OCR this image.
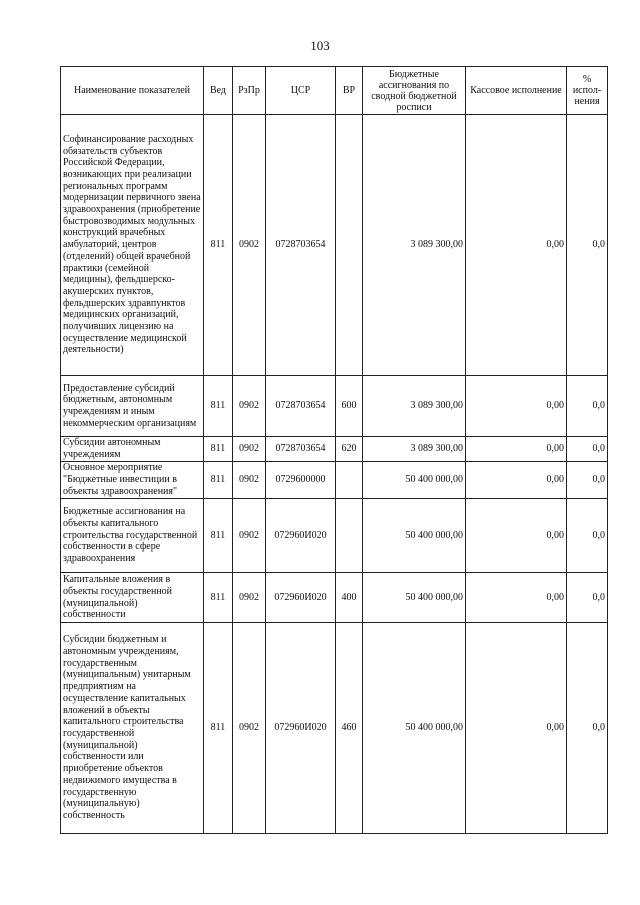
103
Наименование показателей	Вед	РзПр	ЦСР	ВР	Бюджетные ассигнования по сводной бюджетной росписи	Кассовое исполнение	% испол-нения
Софинансирование расходных обязательств субъектов Российской Федерации, возникающих при реализации региональных программ модернизации первичного звена здравоохранения (приобретение быстровозводимых модульных конструкций врачебных амбулаторий, центров (отделений) общей врачебной практики (семейной медицины), фельдшерско-акушерских пунктов, фельдшерских здравпунктов медицинских организаций, получивших лицензию на осуществление медицинской деятельности)	811	0902	0728703654		3 089 300,00	0,00	0,0
Предоставление субсидий бюджетным, автономным учреждениям и иным некоммерческим организациям	811	0902	0728703654	600	3 089 300,00	0,00	0,0
Субсидии автономным учреждениям	811	0902	0728703654	620	3 089 300,00	0,00	0,0
Основное мероприятие "Бюджетные инвестиции в объекты здравоохранения"	811	0902	0729600000		50 400 000,00	0,00	0,0
Бюджетные ассигнования на объекты капитального строительства государственной собственности в сфере здравоохранения	811	0902	072960И020		50 400 000,00	0,00	0,0
Капитальные вложения в объекты государственной (муниципальной) собственности	811	0902	072960И020	400	50 400 000,00	0,00	0,0
Субсидии бюджетным и автономным учреждениям, государственным (муниципальным) унитарным предприятиям на осуществление капитальных вложений в объекты капитального строительства государственной (муниципальной) собственности или приобретение объектов недвижимого имущества в государственную (муниципальную) собственность	811	0902	072960И020	460	50 400 000,00	0,00	0,0
